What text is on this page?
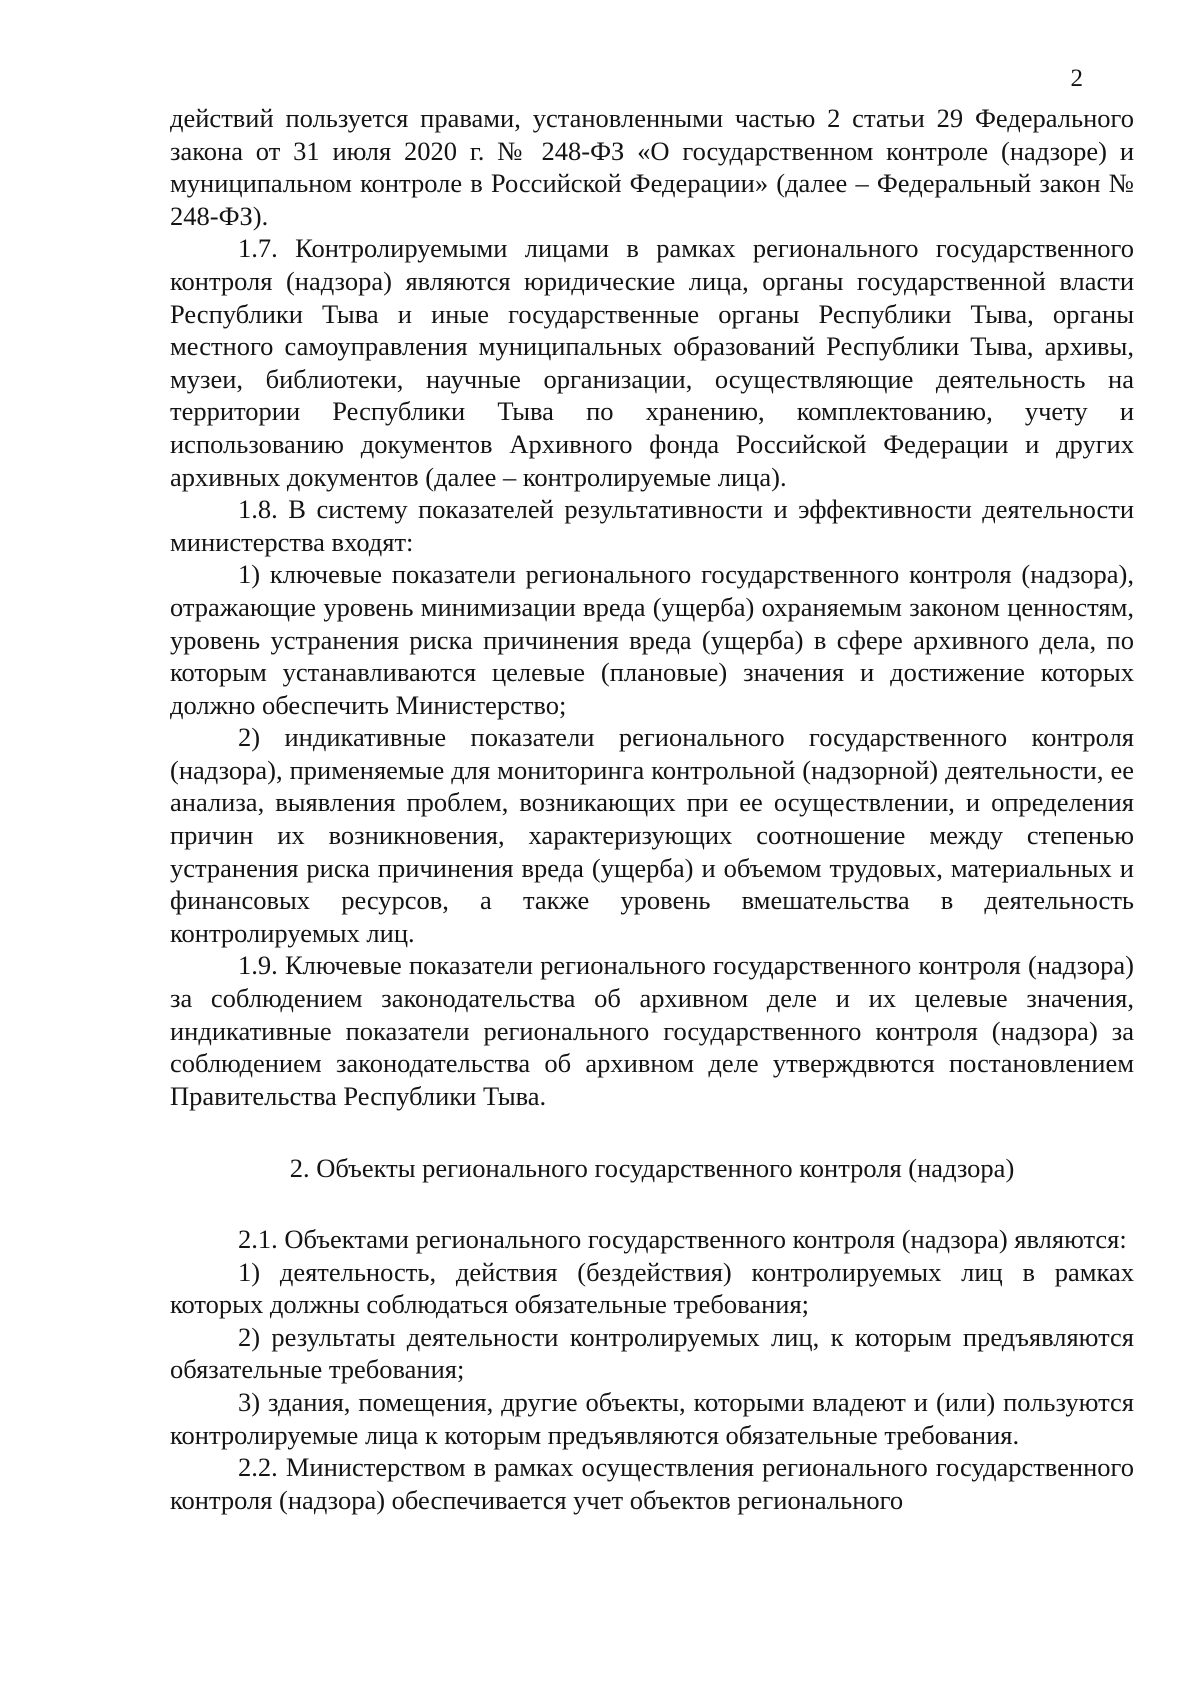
2

действий пользуется правами, установленными частью 2 статьи 29 Федерального закона от 31 июля 2020 г. № 248-ФЗ «О государственном контроле (надзоре) и муниципальном контроле в Российской Федерации» (далее – Федеральный закон № 248-ФЗ).

1.7. Контролируемыми лицами в рамках регионального государственного контроля (надзора) являются юридические лица, органы государственной власти Республики Тыва и иные государственные органы Республики Тыва, органы местного самоуправления муниципальных образований Республики Тыва, архивы, музеи, библиотеки, научные организации, осуществляющие деятельность на территории Республики Тыва по хранению, комплектованию, учету и использованию документов Архивного фонда Российской Федерации и других архивных документов (далее – контролируемые лица).

1.8. В систему показателей результативности и эффективности деятельности министерства входят:

1) ключевые показатели регионального государственного контроля (надзора), отражающие уровень минимизации вреда (ущерба) охраняемым законом ценностям, уровень устранения риска причинения вреда (ущерба) в сфере архивного дела, по которым устанавливаются целевые (плановые) значения и достижение которых должно обеспечить Министерство;

2) индикативные показатели регионального государственного контроля (надзора), применяемые для мониторинга контрольной (надзорной) деятельности, ее анализа, выявления проблем, возникающих при ее осуществлении, и определения причин их возникновения, характеризующих соотношение между степенью устранения риска причинения вреда (ущерба) и объемом трудовых, материальных и финансовых ресурсов, а также уровень вмешательства в деятельность контролируемых лиц.

1.9. Ключевые показатели регионального государственного контроля (надзора) за соблюдением законодательства об архивном деле и их целевые значения, индикативные показатели регионального государственного контроля (надзора) за соблюдением законодательства об архивном деле утверждвются постановлением Правительства Республики Тыва.

2. Объекты регионального государственного контроля (надзора)

2.1. Объектами регионального государственного контроля (надзора) являются:

1) деятельность, действия (бездействия) контролируемых лиц в рамках которых должны соблюдаться обязательные требования;

2) результаты деятельности контролируемых лиц, к которым предъявляются обязательные требования;

3) здания, помещения, другие объекты, которыми владеют и (или) пользуются контролируемые лица к которым предъявляются обязательные требования.

2.2. Министерством в рамках осуществления регионального государственного контроля (надзора) обеспечивается учет объектов регионального
